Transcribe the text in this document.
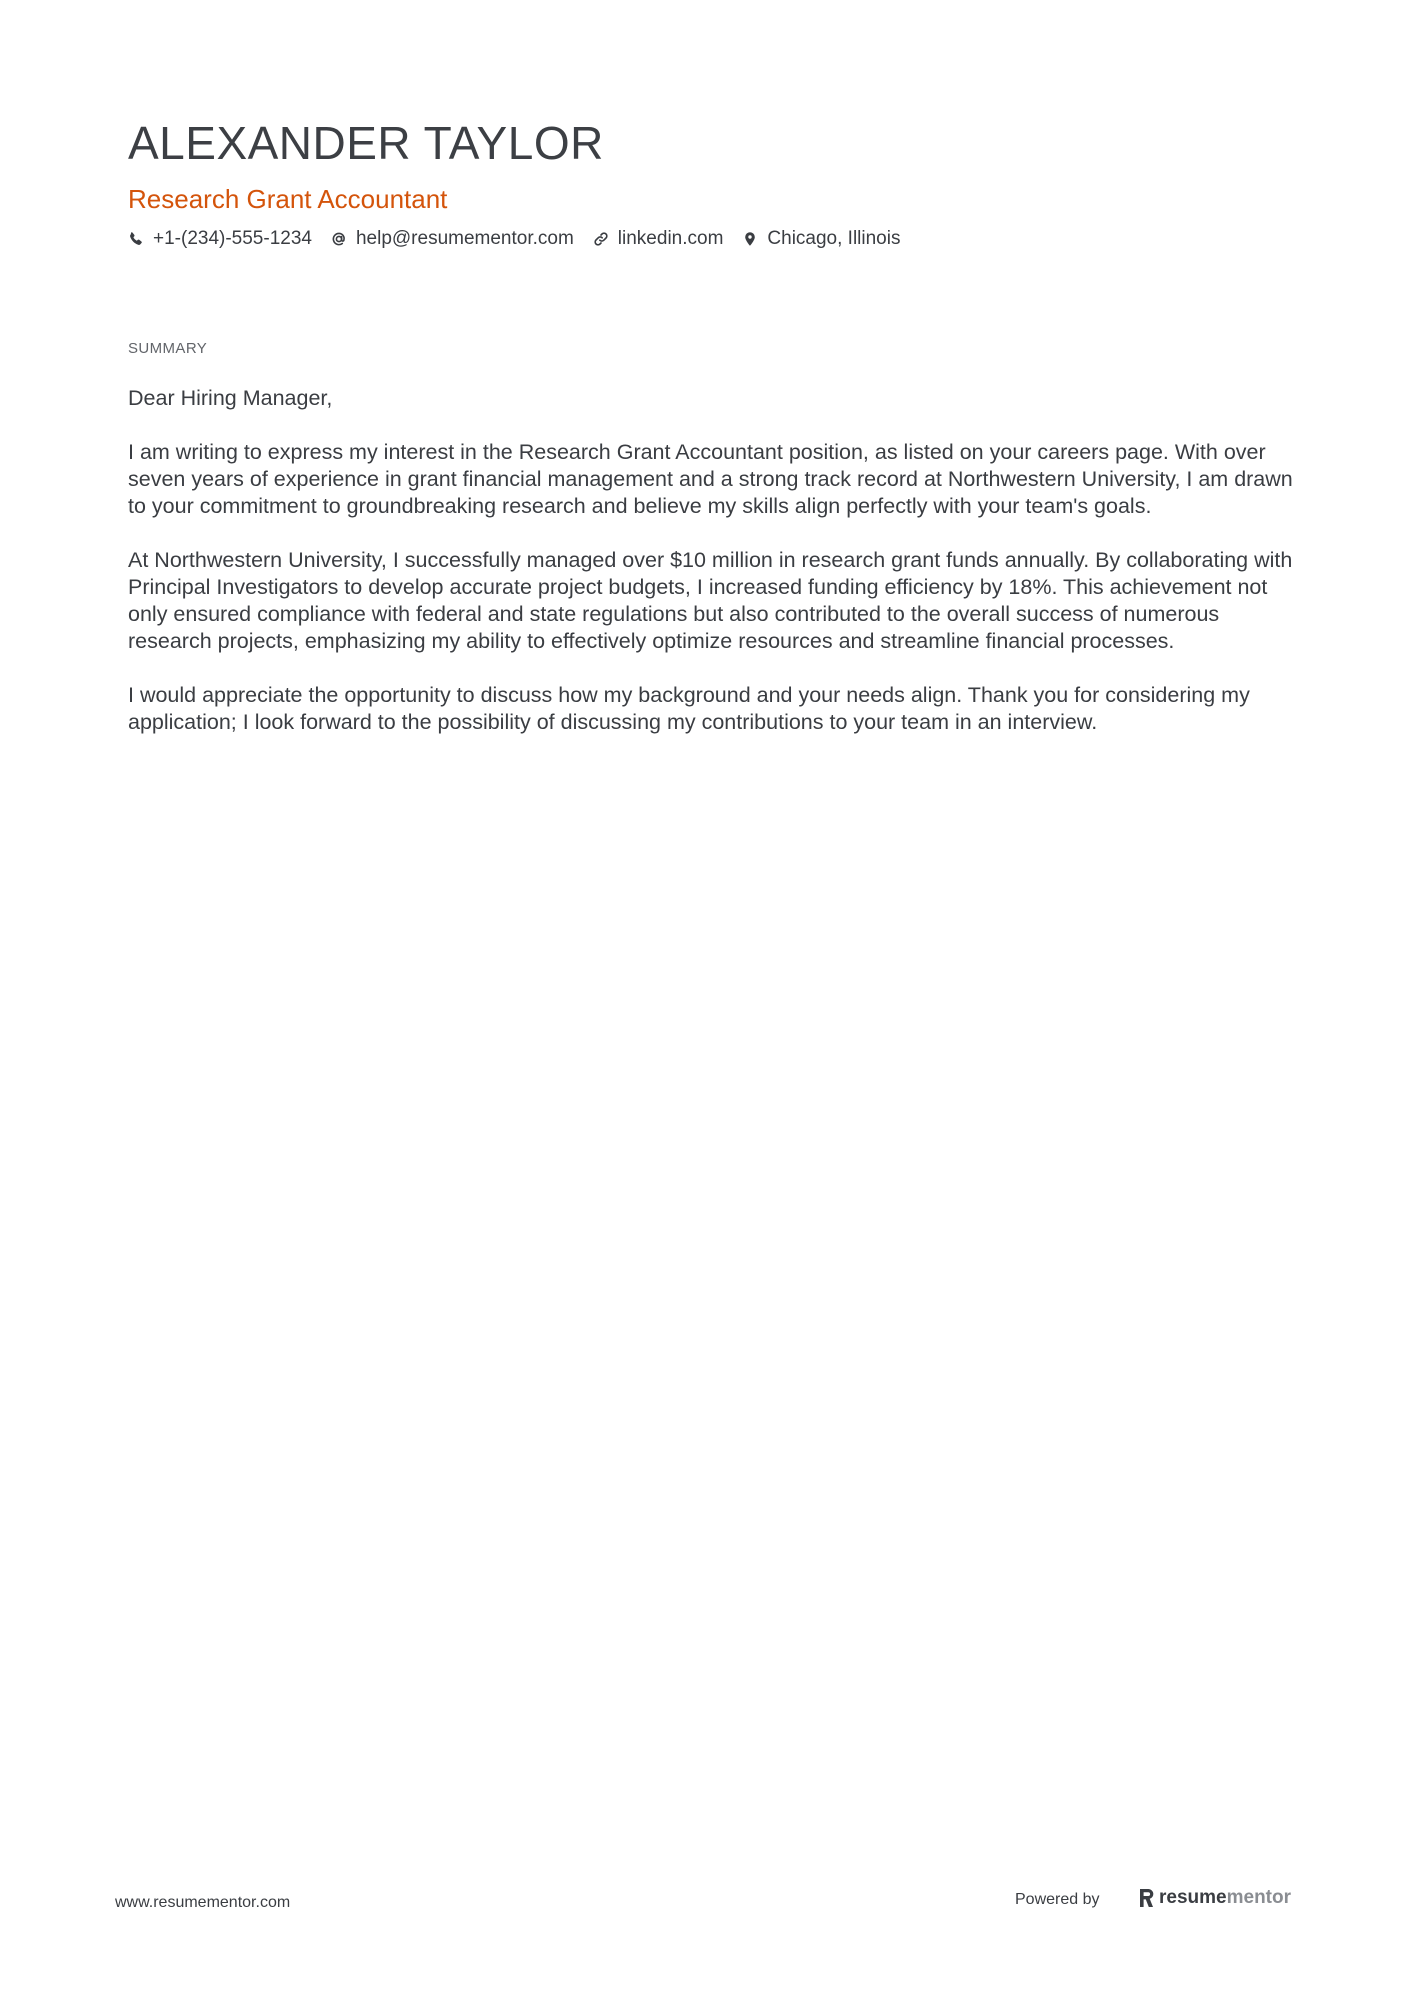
ALEXANDER TAYLOR
Research Grant Accountant
+1-(234)-555-1234 help@resumementor.com linkedin.com Chicago, Illinois
SUMMARY

Dear Hiring Manager,

I am writing to express my interest in the Research Grant Accountant position, as listed on your careers page. With over seven years of experience in grant financial management and a strong track record at Northwestern University, I am drawn to your commitment to groundbreaking research and believe my skills align perfectly with your team's goals.

At Northwestern University, I successfully managed over $10 million in research grant funds annually. By collaborating with Principal Investigators to develop accurate project budgets, I increased funding efficiency by 18%. This achievement not only ensured compliance with federal and state regulations but also contributed to the overall success of numerous research projects, emphasizing my ability to effectively optimize resources and streamline financial processes.

I would appreciate the opportunity to discuss how my background and your needs align. Thank you for considering my application; I look forward to the possibility of discussing my contributions to your team in an interview.

www.resumementor.com	Powered by	resume mentor
